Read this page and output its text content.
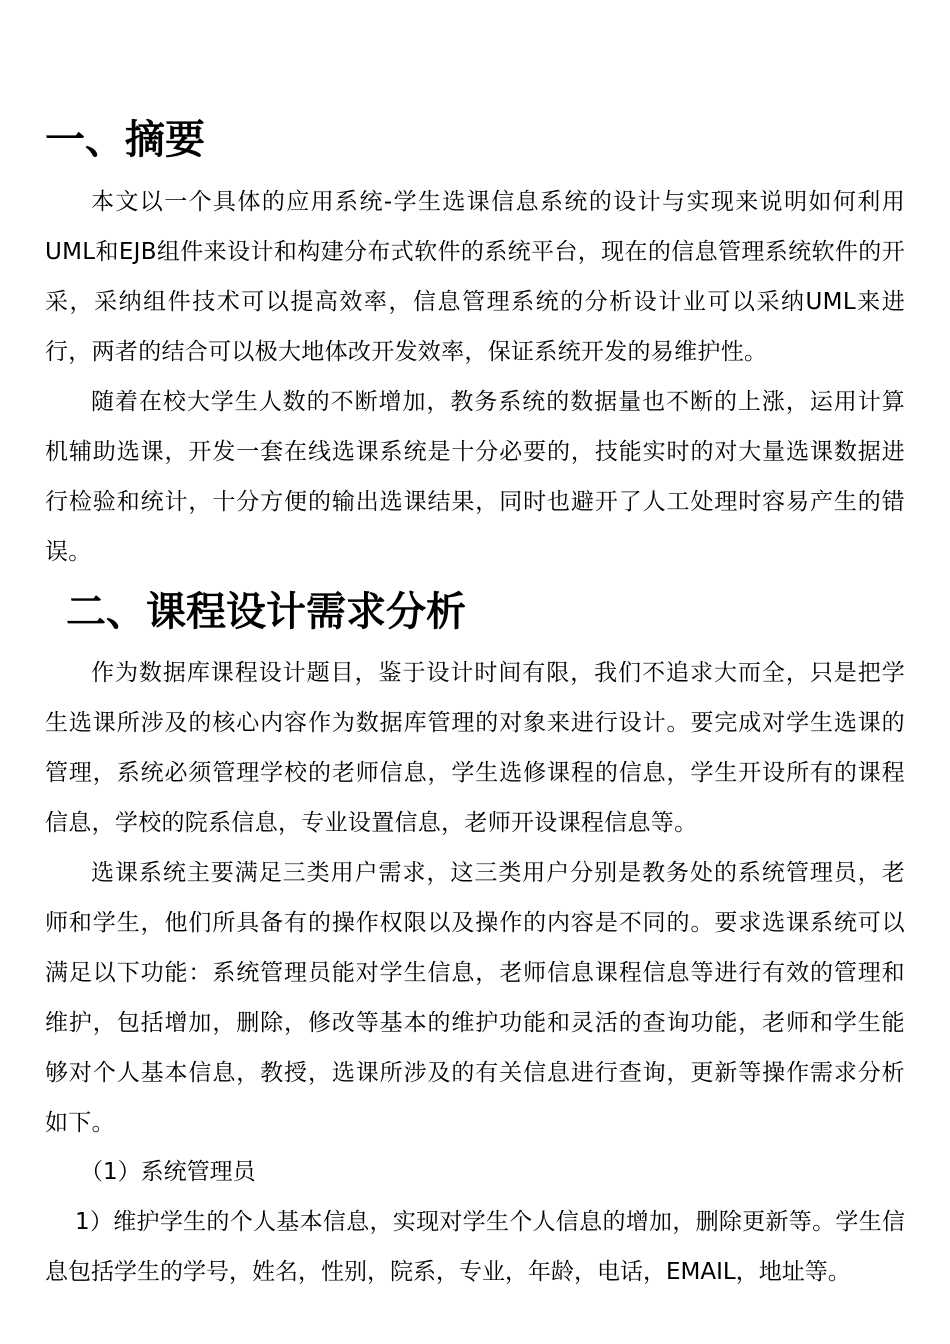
一、摘要

本文以一个具体的应用系统-学生选课信息系统的设计与实现来说明如何利用UML和EJB组件来设计和构建分布式软件的系统平台，现在的信息管理系统软件的开采，采纳组件技术可以提高效率，信息管理系统的分析设计业可以采纳UML来进行，两者的结合可以极大地体改开发效率，保证系统开发的易维护性。

随着在校大学生人数的不断增加，教务系统的数据量也不断的上涨，运用计算机辅助选课，开发一套在线选课系统是十分必要的，技能实时的对大量选课数据进行检验和统计，十分方便的输出选课结果，同时也避开了人工处理时容易产生的错误。

二、课程设计需求分析

作为数据库课程设计题目，鉴于设计时间有限，我们不追求大而全，只是把学生选课所涉及的核心内容作为数据库管理的对象来进行设计。要完成对学生选课的管理，系统必须管理学校的老师信息，学生选修课程的信息，学生开设所有的课程信息，学校的院系信息，专业设置信息，老师开设课程信息等。

选课系统主要满足三类用户需求，这三类用户分别是教务处的系统管理员，老师和学生，他们所具备有的操作权限以及操作的内容是不同的。要求选课系统可以满足以下功能：系统管理员能对学生信息，老师信息课程信息等进行有效的管理和维护，包括增加，删除，修改等基本的维护功能和灵活的查询功能，老师和学生能够对个人基本信息，教授，选课所涉及的有关信息进行查询，更新等操作需求分析如下。

（1）系统管理员

1）维护学生的个人基本信息，实现对学生个人信息的增加，删除更新等。学生信息包括学生的学号，姓名，性别，院系，专业，年龄，电话，EMAIL，地址等。
